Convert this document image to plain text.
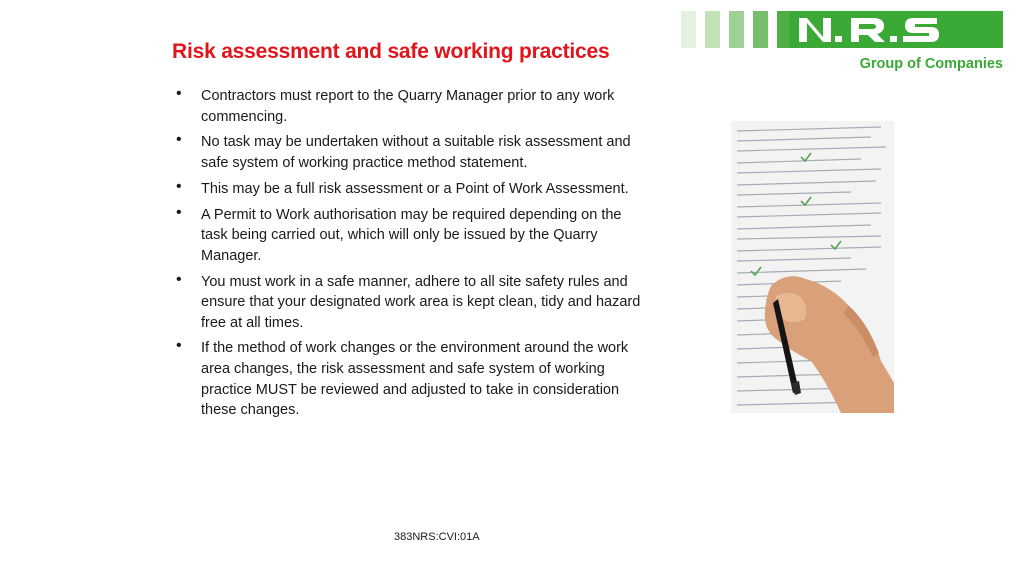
Risk assessment and safe working practices
• Contractors must report to the Quarry Manager prior to any work commencing.
• No task may be undertaken without a suitable risk assessment and safe system of working practice method statement.
• This may be a full risk assessment or a Point of Work Assessment.
• A Permit to Work authorisation may be required depending on the task being carried out, which will only be issued by the Quarry Manager.
• You must work in a safe manner, adhere to all site safety rules and ensure that your designated work area is kept clean, tidy and hazard free at all times.
• If the method of work changes or the environment around the work area changes, the risk assessment and safe system of working practice MUST be reviewed and adjusted to take in consideration these changes.
Group of Companies
383NRS:CVI:01A
